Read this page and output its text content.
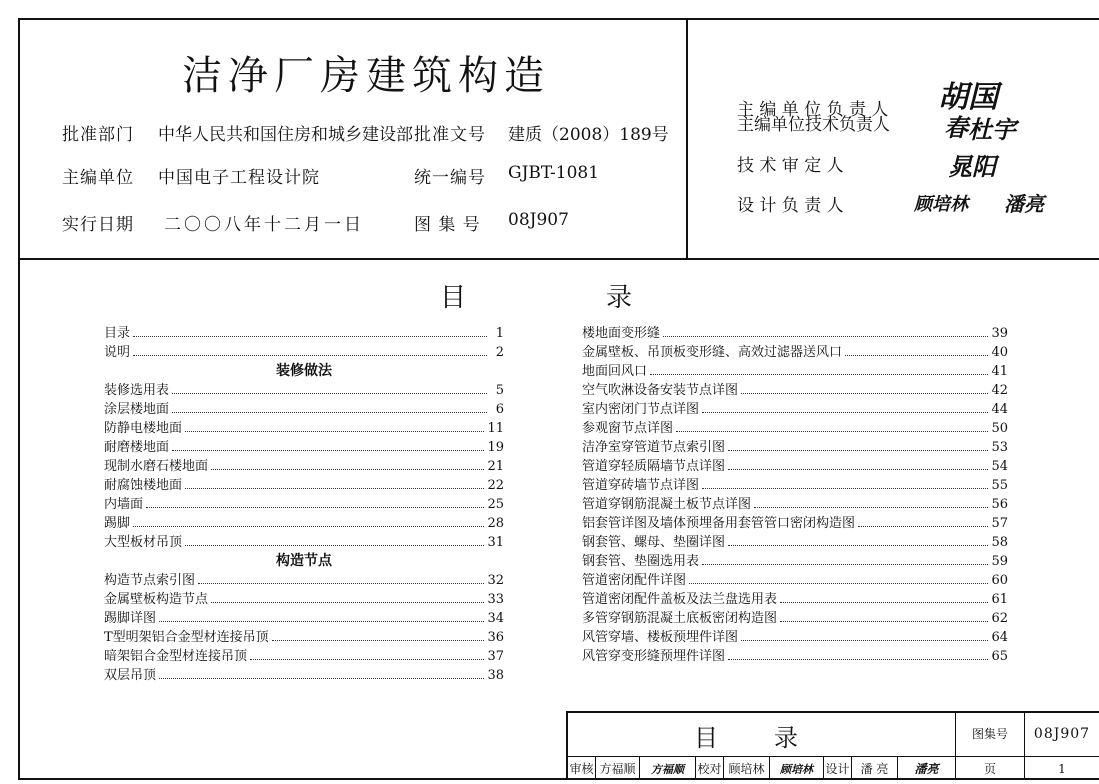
洁净厂房建筑构造
批准部门 中华人民共和国住房和城乡建设部 批准文号 建质（2008）189号
主编单位 中国电子工程设计院	统一编号 GJBT-1081
实行日期 二〇〇八年十二月一日	图 集 号 08J907
主 编 单 位 负 责 人 胡国
春
主编单位技术负责人	杜宇
技 术 审 定 人	晁阳
设 计 负 责 人	顾培林 潘亮
目	录
目录	1
说明	2
装修做法
装修选用表	5
涂层楼地面	6
防静电楼地面	11
耐磨楼地面	19
现制水磨石楼地面	21
耐腐蚀楼地面	22
内墙面	25
踢脚	28
大型板材吊顶	31
构造节点
构造节点索引图	32
金属壁板构造节点	33
踢脚详图	34
T型明架铝合金型材连接吊顶	36
暗架铝合金型材连接吊顶	37
双层吊顶	38
楼地面变形缝	39
金属壁板、吊顶板变形缝、高效过滤器送风口	40
地面回风口	41
空气吹淋设备安装节点详图	42
室内密闭门节点详图	44
参观窗节点详图	50
洁净室穿管道节点索引图	53
管道穿轻质隔墙节点详图	54
管道穿砖墙节点详图	55
管道穿钢筋混凝土板节点详图	56
铝套管详图及墙体预埋备用套管管口密闭构造图	57
钢套管、螺母、垫圈详图	58
钢套管、垫圈选用表	59
管道密闭配件详图	60
管道密闭配件盖板及法兰盘选用表	61
多管穿钢筋混凝土底板密闭构造图	62
风管穿墙、楼板预埋件详图	64
风管穿变形缝预埋件详图	65
目	录	图集号	08J907
审核 方福顺	方福顺	校对 顾培林	顾培林	设计 潘 亮	潘亮	页	1
